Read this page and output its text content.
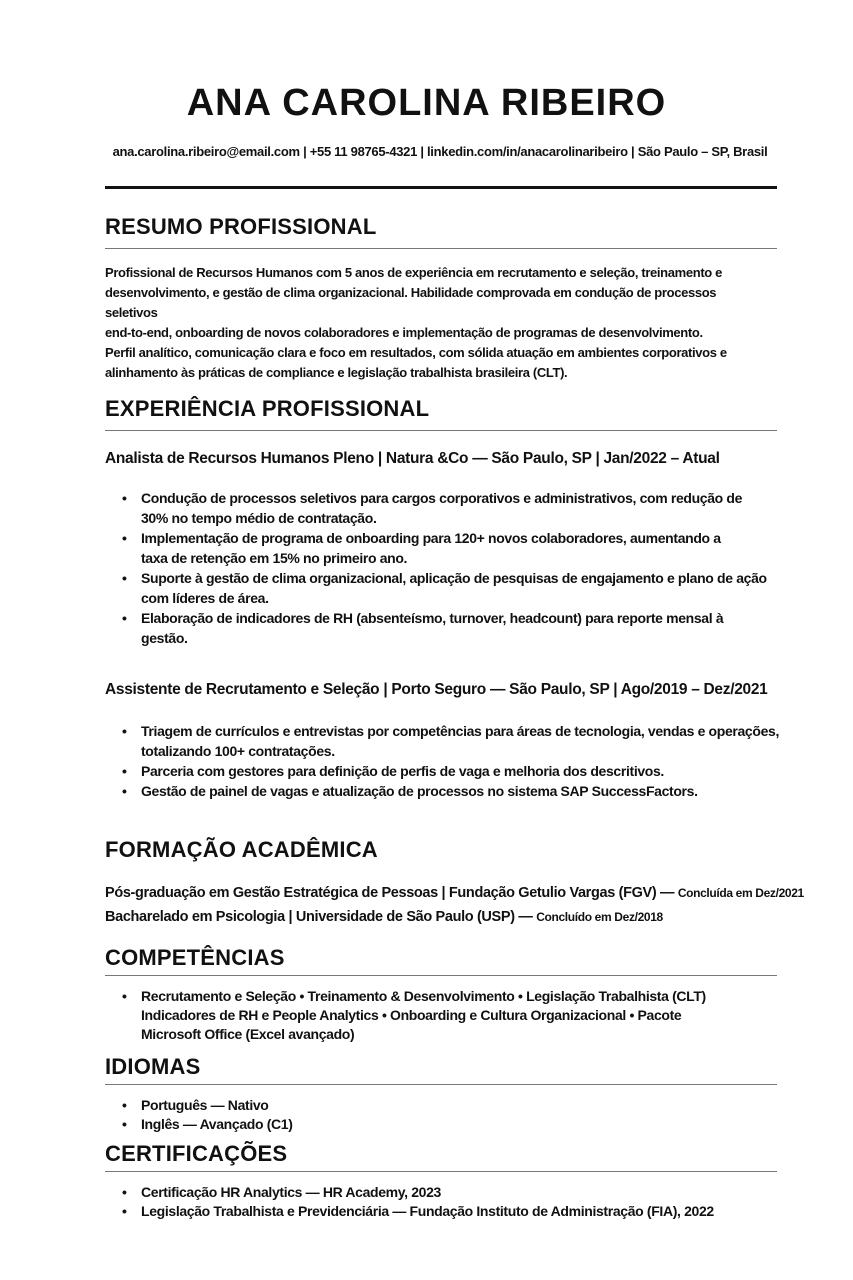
ANA CAROLINA RIBEIRO
ana.carolina.ribeiro@email.com | +55 11 98765-4321 | linkedin.com/in/anacarolinaribeiro | São Paulo – SP, Brasil
RESUMO PROFISSIONAL
Profissional de Recursos Humanos com 5 anos de experiência em recrutamento e seleção, treinamento e
desenvolvimento, e gestão de clima organizacional. Habilidade comprovada em condução de processos seletivos
end-to-end, onboarding de novos colaboradores e implementação de programas de desenvolvimento.
Perfil analítico, comunicação clara e foco em resultados, com sólida atuação em ambientes corporativos e
alinhamento às práticas de compliance e legislação trabalhista brasileira (CLT).
EXPERIÊNCIA PROFISSIONAL
Analista de Recursos Humanos Pleno | Natura &Co — São Paulo, SP | Jan/2022 – Atual
• Condução de processos seletivos para cargos corporativos e administrativos, com redução de
30% no tempo médio de contratação.
• Implementação de programa de onboarding para 120+ novos colaboradores, aumentando a
taxa de retenção em 15% no primeiro ano.
• Suporte à gestão de clima organizacional, aplicação de pesquisas de engajamento e plano de ação
com líderes de área.
• Elaboração de indicadores de RH (absenteísmo, turnover, headcount) para reporte mensal à
gestão.
Assistente de Recrutamento e Seleção | Porto Seguro — São Paulo, SP | Ago/2019 – Dez/2021
• Triagem de currículos e entrevistas por competências para áreas de tecnologia, vendas e operações,
totalizando 100+ contratações.
• Parceria com gestores para definição de perfis de vaga e melhoria dos descritivos.
• Gestão de painel de vagas e atualização de processos no sistema SAP SuccessFactors.
FORMAÇÃO ACADÊMICA
Pós-graduação em Gestão Estratégica de Pessoas | Fundação Getulio Vargas (FGV) — Concluída em Dez/2021
Bacharelado em Psicologia | Universidade de São Paulo (USP) — Concluído em Dez/2018
COMPETÊNCIAS
• Recrutamento e Seleção • Treinamento & Desenvolvimento • Legislação Trabalhista (CLT)
Indicadores de RH e People Analytics • Onboarding e Cultura Organizacional • Pacote
Microsoft Office (Excel avançado)
IDIOMAS
• Português — Nativo
• Inglês — Avançado (C1)
CERTIFICAÇÕES
• Certificação HR Analytics — HR Academy, 2023
• Legislação Trabalhista e Previdenciária — Fundação Instituto de Administração (FIA), 2022
